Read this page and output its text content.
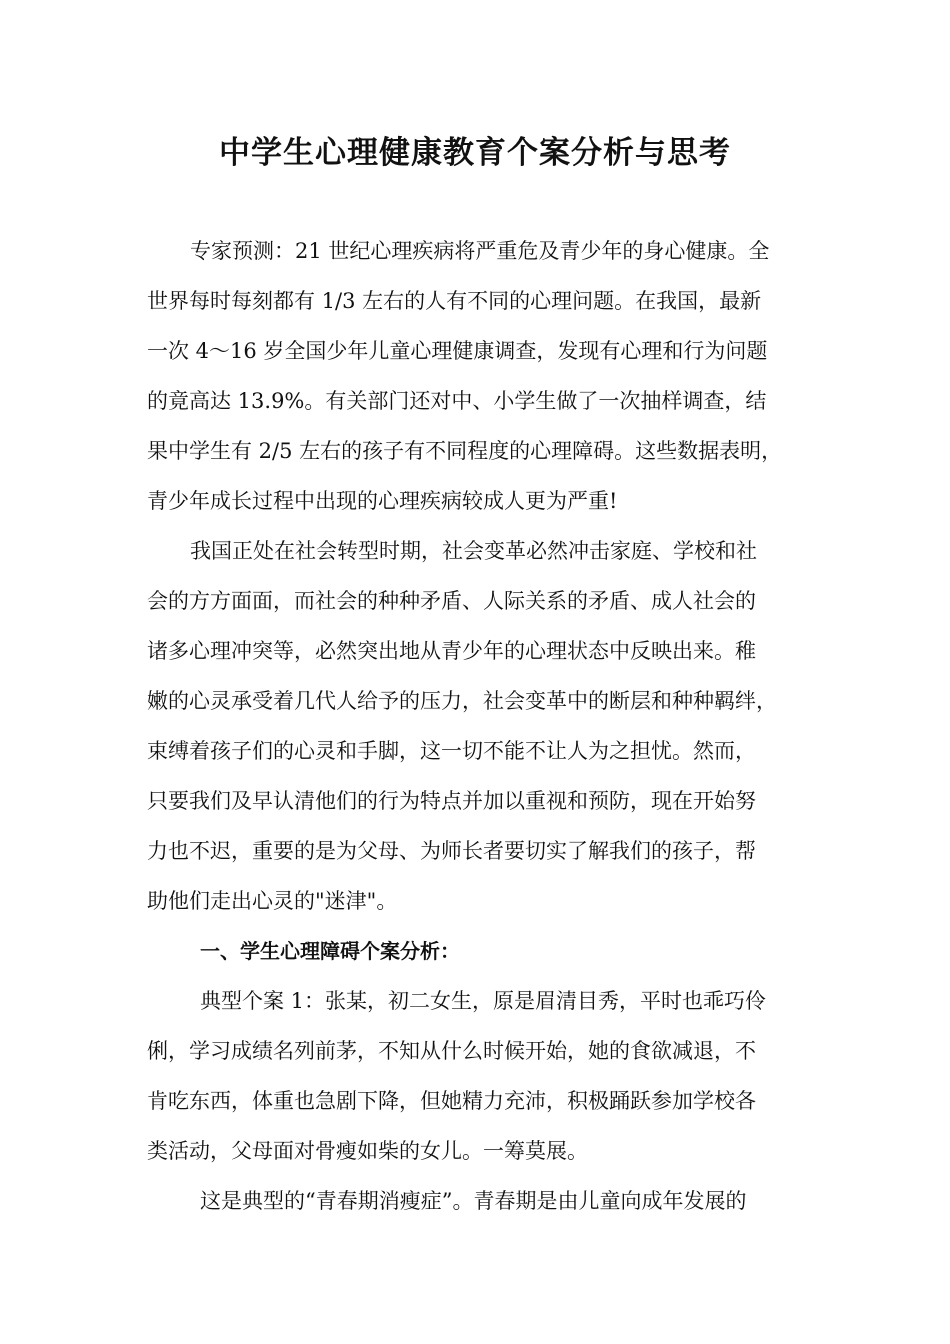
中学生心理健康教育个案分析与思考
专家预测：21 世纪心理疾病将严重危及青少年的身心健康。全
世界每时每刻都有 1/3 左右的人有不同的心理问题。在我国，最新
一次 4～16 岁全国少年儿童心理健康调查，发现有心理和行为问题
的竟高达 13.9%。有关部门还对中、小学生做了一次抽样调查，结
果中学生有 2/5 左右的孩子有不同程度的心理障碍。这些数据表明，
青少年成长过程中出现的心理疾病较成人更为严重!
我国正处在社会转型时期，社会变革必然冲击家庭、学校和社
会的方方面面，而社会的种种矛盾、人际关系的矛盾、成人社会的
诸多心理冲突等，必然突出地从青少年的心理状态中反映出来。稚
嫩的心灵承受着几代人给予的压力，社会变革中的断层和种种羁绊，
束缚着孩子们的心灵和手脚，这一切不能不让人为之担忧。然而，
只要我们及早认清他们的行为特点并加以重视和预防，现在开始努
力也不迟，重要的是为父母、为师长者要切实了解我们的孩子，帮
助他们走出心灵的"迷津"。
一、学生心理障碍个案分析：
典型个案 1：张某，初二女生，原是眉清目秀，平时也乖巧伶
俐，学习成绩名列前茅，不知从什么时候开始，她的食欲减退，不
肯吃东西，体重也急剧下降，但她精力充沛，积极踊跃参加学校各
类活动，父母面对骨瘦如柴的女儿。一筹莫展。
这是典型的“青春期消瘦症”。青春期是由儿童向成年发展的
